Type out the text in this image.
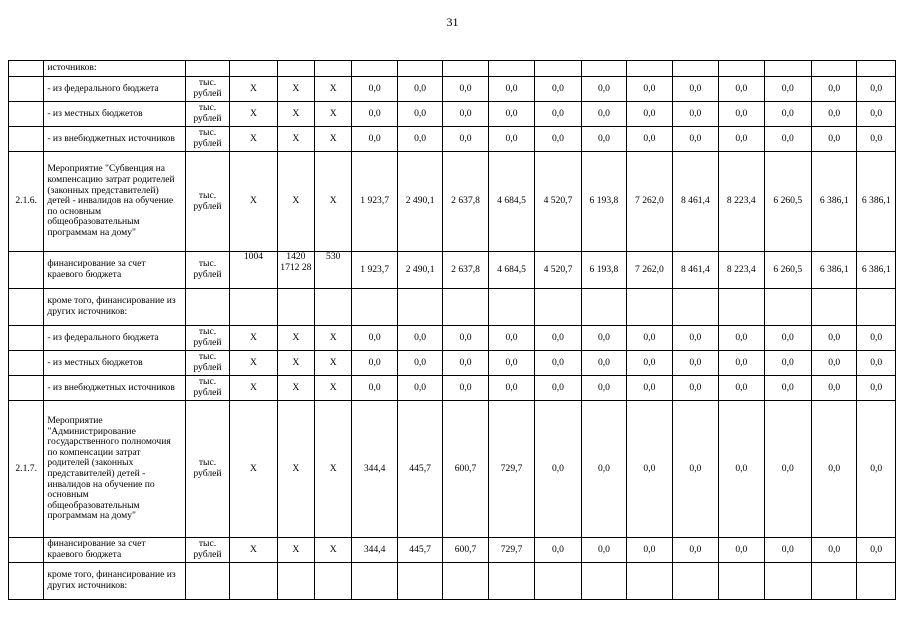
31
	источников:																
	- из федерального бюджета	тыс. рублей	X	X	X	0,0	0,0	0,0	0,0	0,0	0,0	0,0	0,0	0,0	0,0	0,0	0,0
	- из местных бюджетов	тыс. рублей	X	X	X	0,0	0,0	0,0	0,0	0,0	0,0	0,0	0,0	0,0	0,0	0,0	0,0
	- из внебюджетных источников	тыс. рублей	X	X	X	0,0	0,0	0,0	0,0	0,0	0,0	0,0	0,0	0,0	0,0	0,0	0,0
2.1.6.	Мероприятие "Субвенция на компенсацию затрат родителей (законных представителей) детей - инвалидов на обучение по основным общеобразовательным программам на дому"	тыс. рублей	X	X	X	1 923,7	2 490,1	2 637,8	4 684,5	4 520,7	6 193,8	7 262,0	8 461,4	8 223,4	6 260,5	6 386,1	6 386,1
	финансирование за счет краевого бюджета	тыс. рублей	1004	1420 1712 28	530	1 923,7	2 490,1	2 637,8	4 684,5	4 520,7	6 193,8	7 262,0	8 461,4	8 223,4	6 260,5	6 386,1	6 386,1
	кроме того, финансирование из других источников:																
	- из федерального бюджета	тыс. рублей	X	X	X	0,0	0,0	0,0	0,0	0,0	0,0	0,0	0,0	0,0	0,0	0,0	0,0
	- из местных бюджетов	тыс. рублей	X	X	X	0,0	0,0	0,0	0,0	0,0	0,0	0,0	0,0	0,0	0,0	0,0	0,0
	- из внебюджетных источников	тыс. рублей	X	X	X	0,0	0,0	0,0	0,0	0,0	0,0	0,0	0,0	0,0	0,0	0,0	0,0
2.1.7.	Мероприятие "Администрирование государственного полномочия по компенсации затрат родителей (законных представителей) детей - инвалидов на обучение по основным общеобразовательным программам на дому"	тыс. рублей	X	X	X	344,4	445,7	600,7	729,7	0,0	0,0	0,0	0,0	0,0	0,0	0,0	0,0
	финансирование за счет краевого бюджета	тыс. рублей	X	X	X	344,4	445,7	600,7	729,7	0,0	0,0	0,0	0,0	0,0	0,0	0,0	0,0
	кроме того, финансирование из других источников:																
